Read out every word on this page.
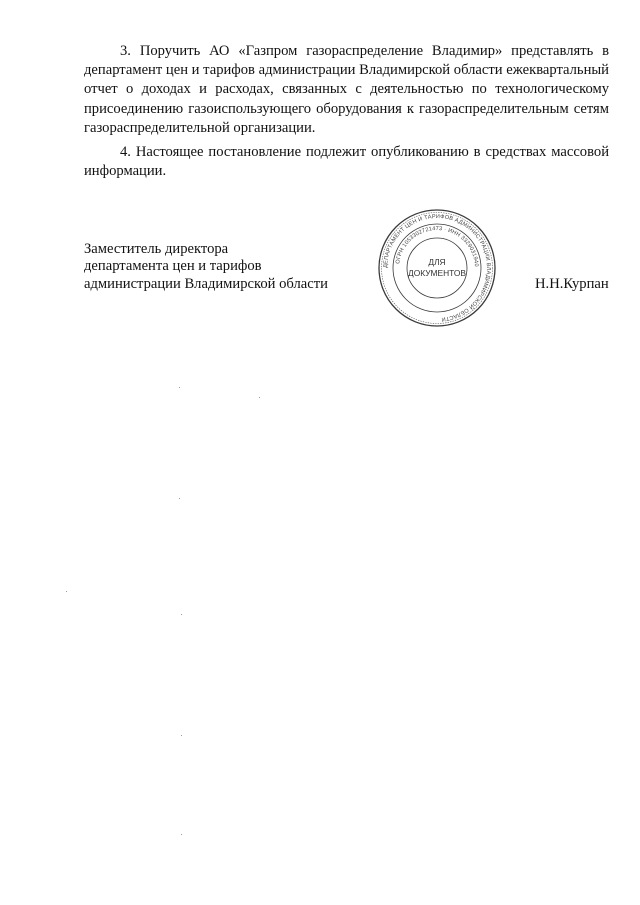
3. Поручить АО «Газпром газораспределение Владимир» представлять в департамент цен и тарифов администрации Владимирской области ежеквартальный отчет о доходах и расходах, связанных с деятельностью по технологическому присоединению газоиспользующего оборудования к газораспределительным сетям газораспределительной организации.

4. Настоящее постановление подлежит опубликованию в средствах массовой информации.

Заместитель директора
департамента цен и тарифов
администрации Владимирской области
ДЕПАРТАМЕНТ ЦЕН И ТАРИФОВ АДМИНИСТРАЦИИ ВЛАДИМИРСКОЙ ОБЛАСТИ
ОГРН 1053302721473 · ИНН 3329031940
ДЛЯ
ДОКУМЕНТОВ
Н.Н.Курпан
